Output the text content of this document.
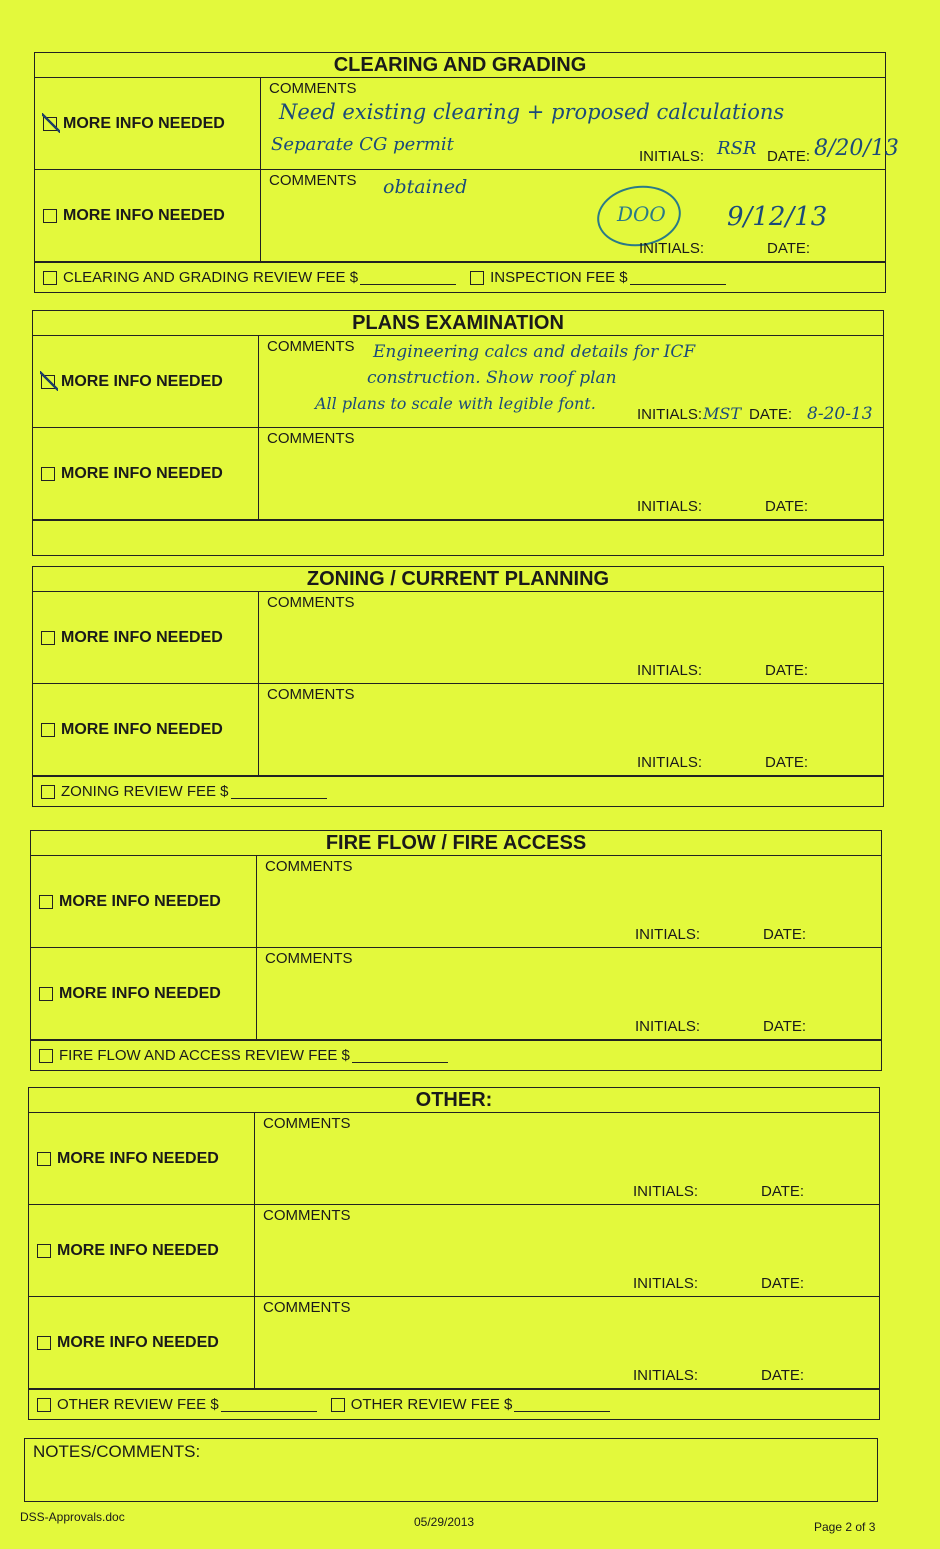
CLEARING AND GRADING
MORE INFO NEEDED
COMMENTS
Need existing clearing + proposed calculations
Separate CG permit
INITIALS: RSR DATE: 8/20/13
MORE INFO NEEDED
COMMENTS obtained
DOO 9/12/13
INITIALS:	DATE:
CLEARING AND GRADING REVIEW FEE $	INSPECTION FEE $
PLANS EXAMINATION
MORE INFO NEEDED
COMMENTS Engineering calcs and details for ICF
construction. Show roof plan
All plans to scale with legible font.
INITIALS: MST DATE: 8-20-13
MORE INFO NEEDED
COMMENTS
INITIALS:	DATE:
ZONING / CURRENT PLANNING
MORE INFO NEEDED
COMMENTS
INITIALS:	DATE:
MORE INFO NEEDED
COMMENTS
INITIALS:	DATE:
ZONING REVIEW FEE $
FIRE FLOW / FIRE ACCESS
MORE INFO NEEDED
COMMENTS
INITIALS:	DATE:
MORE INFO NEEDED
COMMENTS
INITIALS:	DATE:
FIRE FLOW AND ACCESS REVIEW FEE $
OTHER:
MORE INFO NEEDED
COMMENTS
INITIALS:	DATE:
MORE INFO NEEDED
COMMENTS
INITIALS:	DATE:
MORE INFO NEEDED
COMMENTS
INITIALS:	DATE:
OTHER REVIEW FEE $	OTHER REVIEW FEE $
NOTES/COMMENTS:
DSS-Approvals.doc	05/29/2013	Page 2 of 3
